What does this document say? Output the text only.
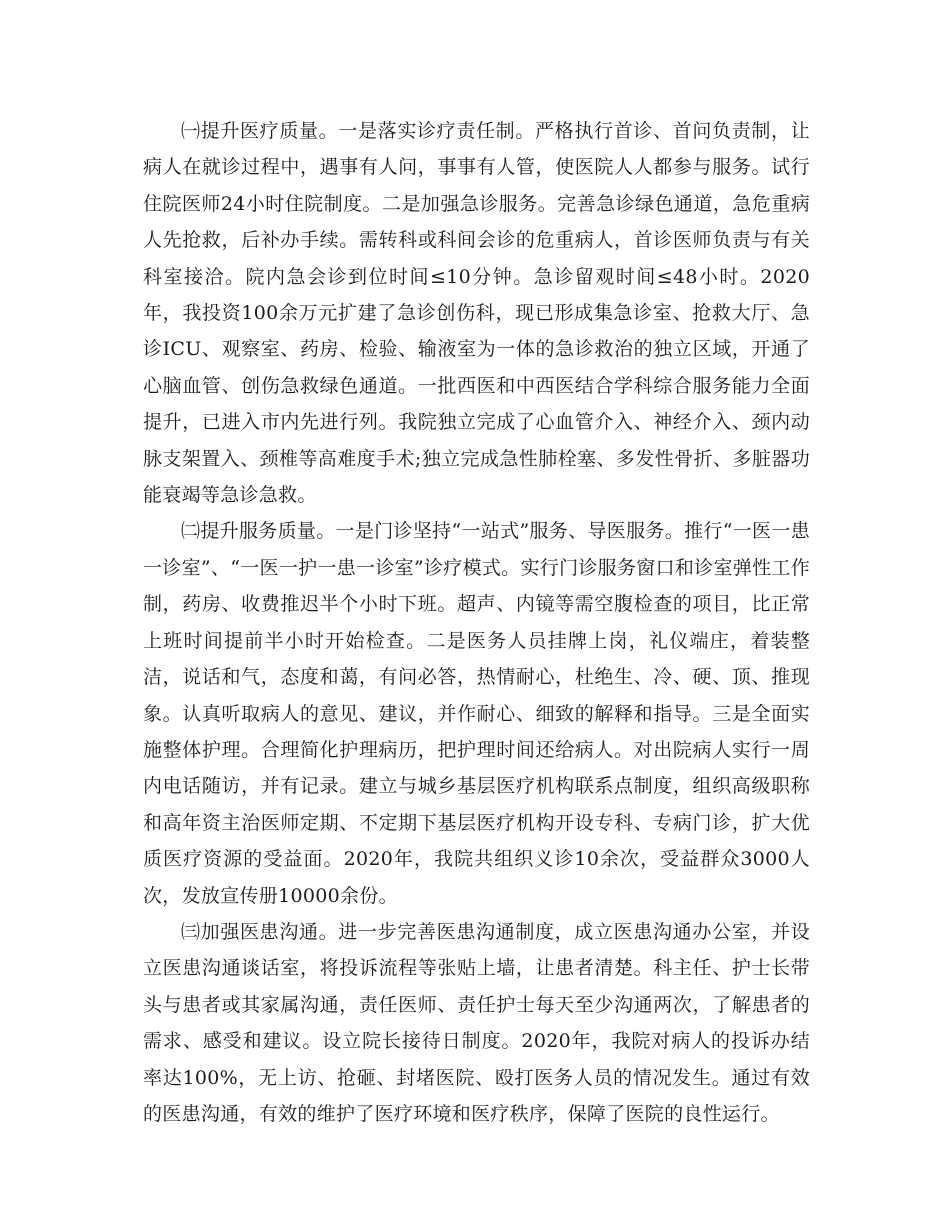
㈠提升医疗质量。一是落实诊疗责任制。严格执行首诊、首问负责制，让病人在就诊过程中，遇事有人问，事事有人管，使医院人人都参与服务。试行住院医师24小时住院制度。二是加强急诊服务。完善急诊绿色通道，急危重病人先抢救，后补办手续。需转科或科间会诊的危重病人，首诊医师负责与有关科室接洽。院内急会诊到位时间≤10分钟。急诊留观时间≤48小时。2020年，我投资100余万元扩建了急诊创伤科，现已形成集急诊室、抢救大厅、急诊ICU、观察室、药房、检验、输液室为一体的急诊救治的独立区域，开通了心脑血管、创伤急救绿色通道。一批西医和中西医结合学科综合服务能力全面提升，已进入市内先进行列。我院独立完成了心血管介入、神经介入、颈内动脉支架置入、颈椎等高难度手术;独立完成急性肺栓塞、多发性骨折、多脏器功能衰竭等急诊急救。

㈡提升服务质量。一是门诊坚持“一站式”服务、导医服务。推行“一医一患一诊室”、“一医一护一患一诊室”诊疗模式。实行门诊服务窗口和诊室弹性工作制，药房、收费推迟半个小时下班。超声、内镜等需空腹检查的项目，比正常上班时间提前半小时开始检查。二是医务人员挂牌上岗，礼仪端庄，着装整洁，说话和气，态度和蔼，有问必答，热情耐心，杜绝生、冷、硬、顶、推现象。认真听取病人的意见、建议，并作耐心、细致的解释和指导。三是全面实施整体护理。合理简化护理病历，把护理时间还给病人。对出院病人实行一周内电话随访，并有记录。建立与城乡基层医疗机构联系点制度，组织高级职称和高年资主治医师定期、不定期下基层医疗机构开设专科、专病门诊，扩大优质医疗资源的受益面。2020年，我院共组织义诊10余次，受益群众3000人次，发放宣传册10000余份。

㈢加强医患沟通。进一步完善医患沟通制度，成立医患沟通办公室，并设立医患沟通谈话室，将投诉流程等张贴上墙，让患者清楚。科主任、护士长带头与患者或其家属沟通，责任医师、责任护士每天至少沟通两次，了解患者的需求、感受和建议。设立院长接待日制度。2020年，我院对病人的投诉办结率达100%，无上访、抢砸、封堵医院、殴打医务人员的情况发生。通过有效的医患沟通，有效的维护了医疗环境和医疗秩序，保障了医院的良性运行。
